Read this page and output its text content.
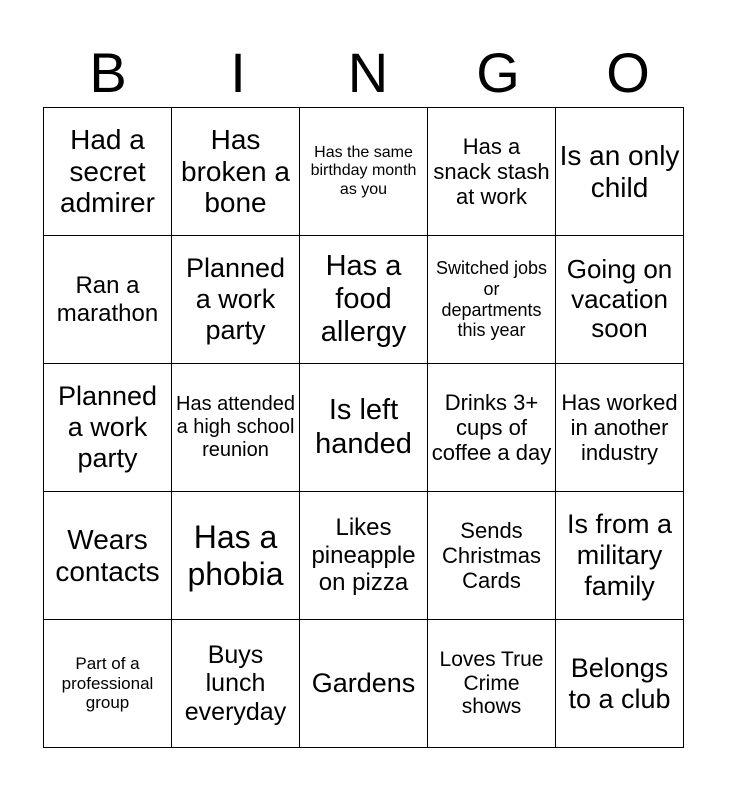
B	I	N	G	O
Had a secret admirer	Has broken a bone	Has the same birthday month as you	Has a snack stash at work	Is an only child
Ran a marathon	Planned a work party	Has a food allergy	Switched jobs or departments this year	Going on vacation soon
Planned a work party	Has attended a high school reunion	Is left handed	Drinks 3+ cups of coffee a day	Has worked in another industry
Wears contacts	Has a phobia	Likes pineapple on pizza	Sends Christmas Cards	Is from a military family
Part of a professional group	Buys lunch everyday	Gardens	Loves True Crime shows	Belongs to a club
